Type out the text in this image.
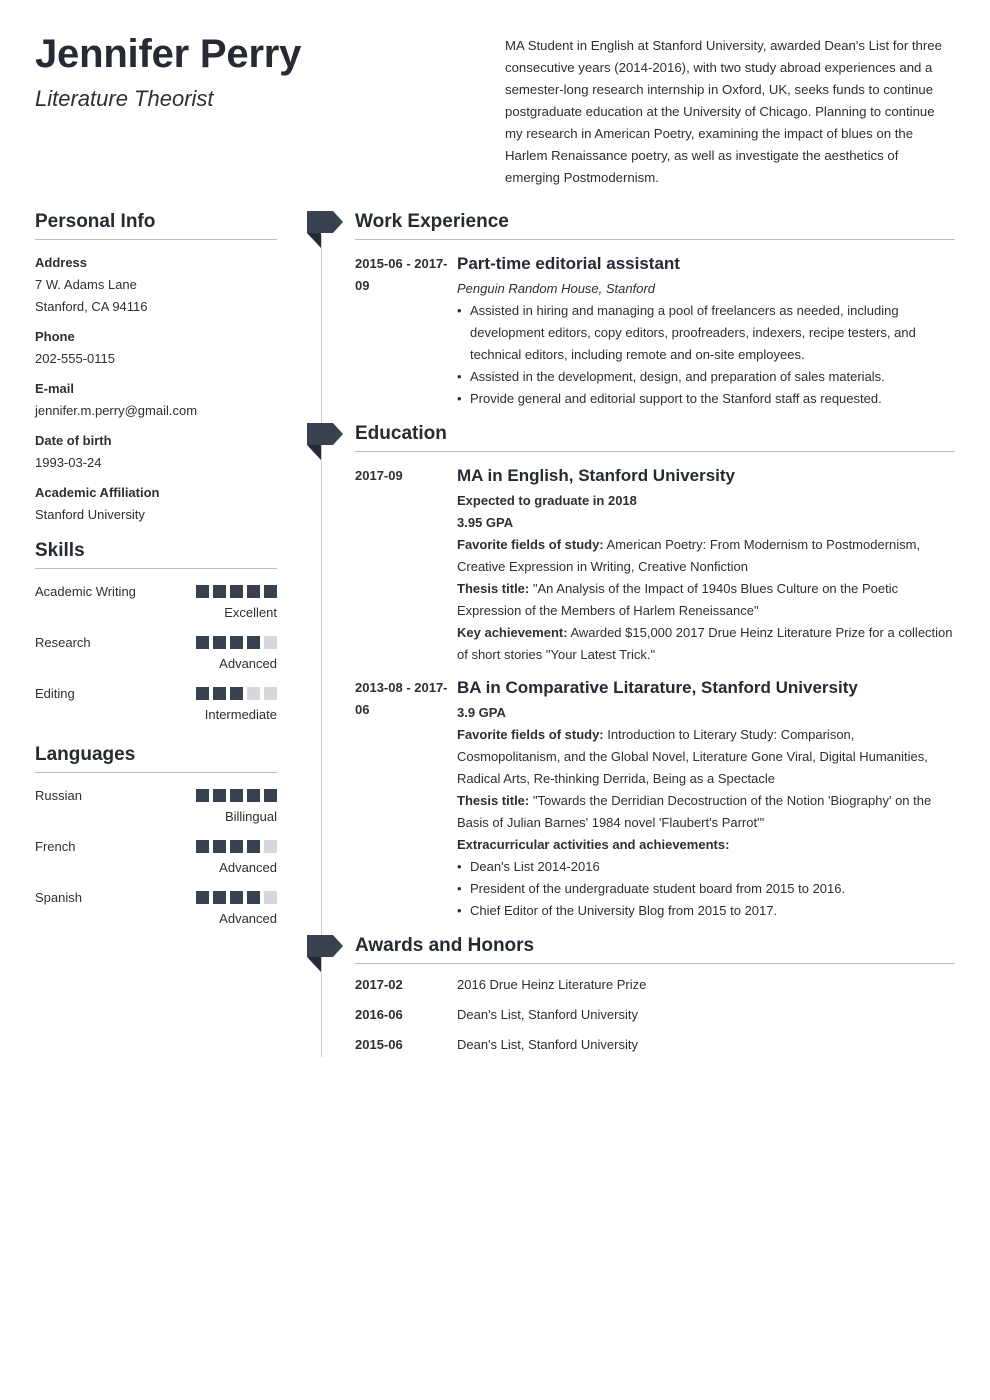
Jennifer Perry
Literature Theorist
MA Student in English at Stanford University, awarded Dean's List for three consecutive years (2014-2016), with two study abroad experiences and a semester-long research internship in Oxford, UK, seeks funds to continue postgraduate education at the University of Chicago. Planning to continue my research in American Poetry, examining the impact of blues on the Harlem Renaissance poetry, as well as investigate the aesthetics of emerging Postmodernism.
Personal Info
Address
7 W. Adams Lane
Stanford, CA 94116
Phone
202-555-0115
E-mail
jennifer.m.perry@gmail.com
Date of birth
1993-03-24
Academic Affiliation
Stanford University
Skills
Academic Writing
Excellent
Research
Advanced
Editing
Intermediate
Languages
Russian
Billingual
French
Advanced
Spanish
Advanced
Work Experience
2015-06 - 2017-09
Part-time editorial assistant
Penguin Random House, Stanford
• Assisted in hiring and managing a pool of freelancers as needed, including development editors, copy editors, proofreaders, indexers, recipe testers, and technical editors, including remote and on-site employees.
• Assisted in the development, design, and preparation of sales materials.
• Provide general and editorial support to the Stanford staff as requested.
Education
2017-09	MA in English, Stanford University
Expected to graduate in 2018
3.95 GPA
Favorite fields of study: American Poetry: From Modernism to Postmodernism, Creative Expression in Writing, Creative Nonfiction
Thesis title: "An Analysis of the Impact of 1940s Blues Culture on the Poetic Expression of the Members of Harlem Reneissance"
Key achievement: Awarded $15,000 2017 Drue Heinz Literature Prize for a collection of short stories "Your Latest Trick."
2013-08 - 2017-06
BA in Comparative Litarature, Stanford University
3.9 GPA
Favorite fields of study: Introduction to Literary Study: Comparison, Cosmopolitanism, and the Global Novel, Literature Gone Viral, Digital Humanities, Radical Arts, Re-thinking Derrida, Being as a Spectacle
Thesis title: "Towards the Derridian Decostruction of the Notion 'Biography' on the Basis of Julian Barnes' 1984 novel 'Flaubert's Parrot'"
Extracurricular activities and achievements:
• Dean's List 2014-2016
• President of the undergraduate student board from 2015 to 2016.
• Chief Editor of the University Blog from 2015 to 2017.
Awards and Honors
2017-02	2016 Drue Heinz Literature Prize
2016-06	Dean's List, Stanford University
2015-06	Dean's List, Stanford University
